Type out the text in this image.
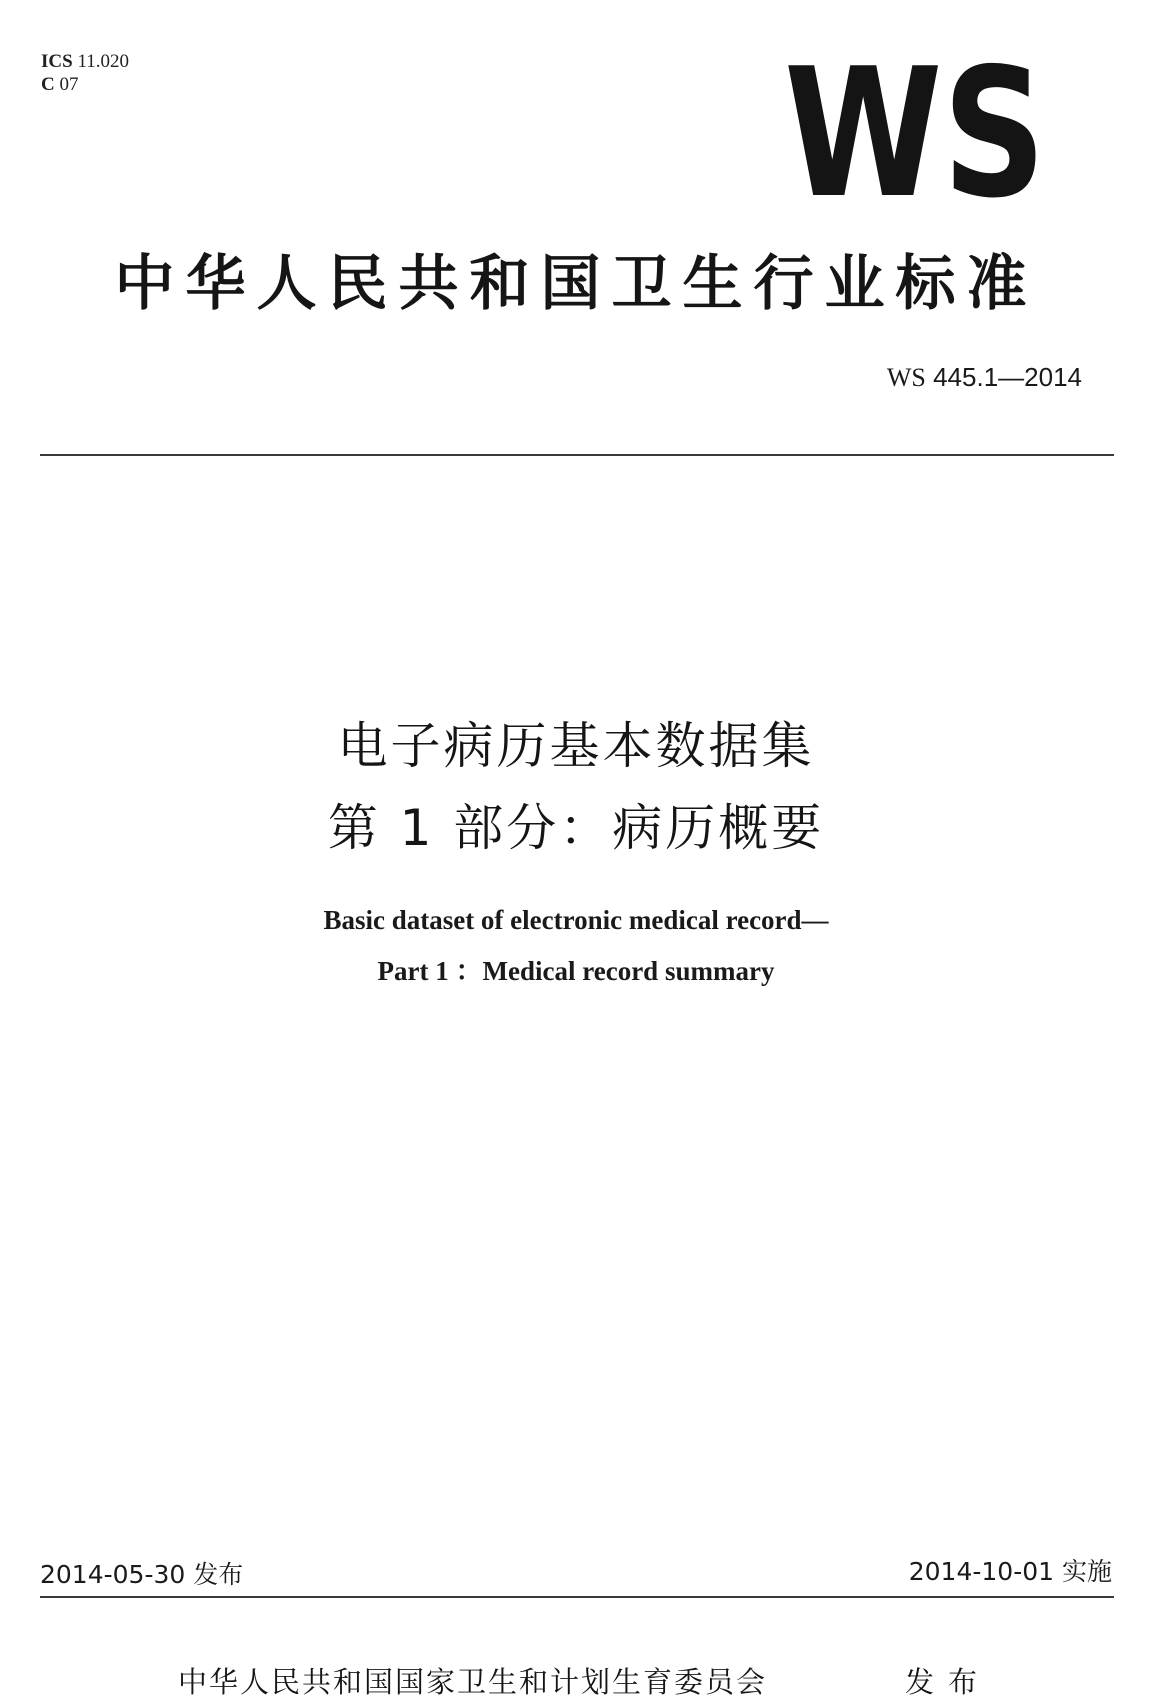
ICS 11.020
C 07	WS
中华人民共和国卫生行业标准
WS 445.1—2014
电子病历基本数据集
第 1 部分：病历概要
Basic dataset of electronic medical record—
Part 1 ：Medical record summary
2014-05-30 发布	2014-10-01 实施
中华人民共和国国家卫生和计划生育委员会	发布
